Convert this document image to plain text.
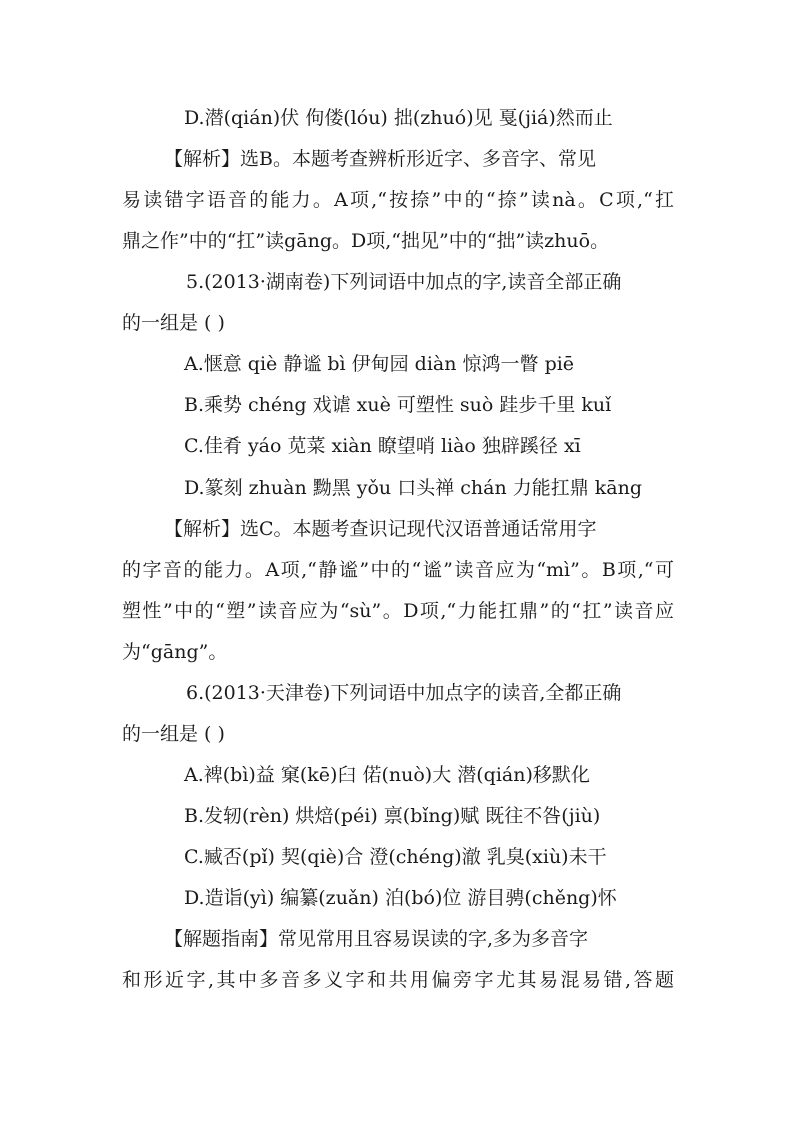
D.潜(qián)伏 佝偻(lóu) 拙(zhuó)见 戛(jiá)然而止
【解析】选B。本题考查辨析形近字、多音字、常见
易读错字语音的能力。A项,“按捺”中的“捺”读nà。C项,“扛
鼎之作”中的“扛”读gāng。D项,“拙见”中的“拙”读zhuō。
5.(2013·湖南卷)下列词语中加点的字,读音全部正确
的一组是 ( )
A.惬意 qiè 静谧 bì 伊甸园 diàn 惊鸿一瞥 piē
B.乘势 chéng 戏谑 xuè 可塑性 suò 跬步千里 kuǐ
C.佳肴 yáo 苋菜 xiàn 瞭望哨 liào 独辟蹊径 xī
D.篆刻 zhuàn 黝黑 yǒu 口头禅 chán 力能扛鼎 kāng
【解析】选C。本题考查识记现代汉语普通话常用字
的字音的能力。A项,“静谧”中的“谧”读音应为“mì”。B项,“可
塑性”中的“塑”读音应为“sù”。D项,“力能扛鼎”的“扛”读音应
为“gāng”。
6.(2013·天津卷)下列词语中加点字的读音,全都正确
的一组是 ( )
A.裨(bì)益 窠(kē)臼 偌(nuò)大 潜(qián)移默化
B.发轫(rèn) 烘焙(péi) 禀(bǐng)赋 既往不咎(jiù)
C.臧否(pǐ) 契(qiè)合 澄(chéng)澈 乳臭(xiù)未干
D.造诣(yì) 编纂(zuǎn) 泊(bó)位 游目骋(chěng)怀
【解题指南】常见常用且容易误读的字,多为多音字
和形近字,其中多音多义字和共用偏旁字尤其易混易错,答题
